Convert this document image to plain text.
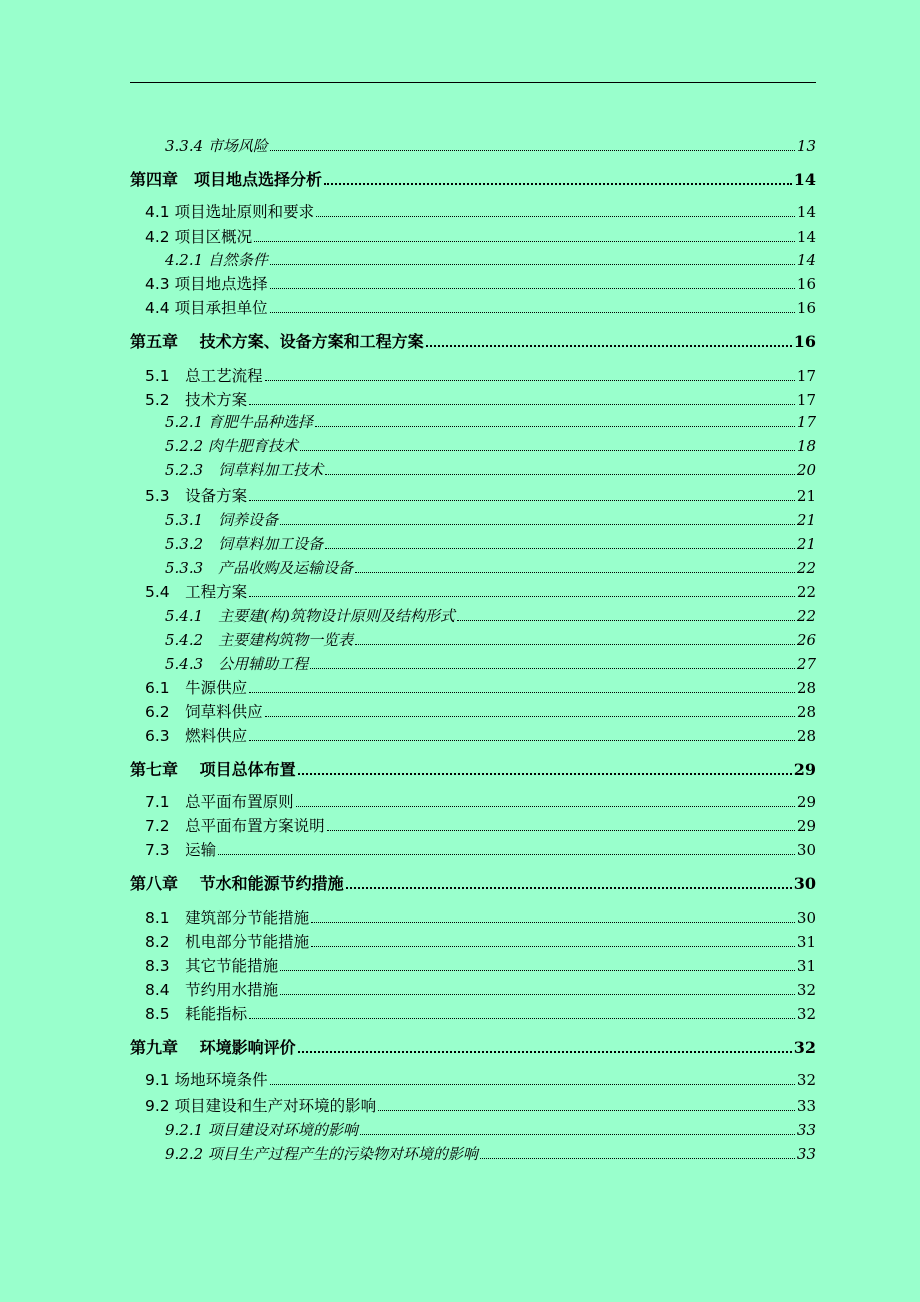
3.3.4 市场风险	13
第四章　项目地点选择分析	14
4.1 项目选址原则和要求	14
4.2 项目区概况	14
4.2.1 自然条件	14
4.3 项目地点选择	16
4.4 项目承担单位	16
第五章　 技术方案、设备方案和工程方案	16
5.1　总工艺流程	17
5.2　技术方案	17
5.2.1 育肥牛品种选择	17
5.2.2 肉牛肥育技术	18
5.2.3　饲草料加工技术	20
5.3　设备方案	21
5.3.1　饲养设备	21
5.3.2　饲草料加工设备	21
5.3.3　产品收购及运输设备	22
5.4　工程方案	22
5.4.1　主要建(构)筑物设计原则及结构形式	22
5.4.2　主要建构筑物一览表	26
5.4.3　公用辅助工程	27
6.1　牛源供应	28
6.2　饲草料供应	28
6.3　燃料供应	28
第七章　 项目总体布置	29
7.1　总平面布置原则	29
7.2　总平面布置方案说明	29
7.3　运输	30
第八章　 节水和能源节约措施	30
8.1　建筑部分节能措施	30
8.2　机电部分节能措施	31
8.3　其它节能措施	31
8.4　节约用水措施	32
8.5　耗能指标	32
第九章　 环境影响评价	32
9.1 场地环境条件	32
9.2 项目建设和生产对环境的影响	33
9.2.1 项目建设对环境的影响	33
9.2.2 项目生产过程产生的污染物对环境的影响	33
